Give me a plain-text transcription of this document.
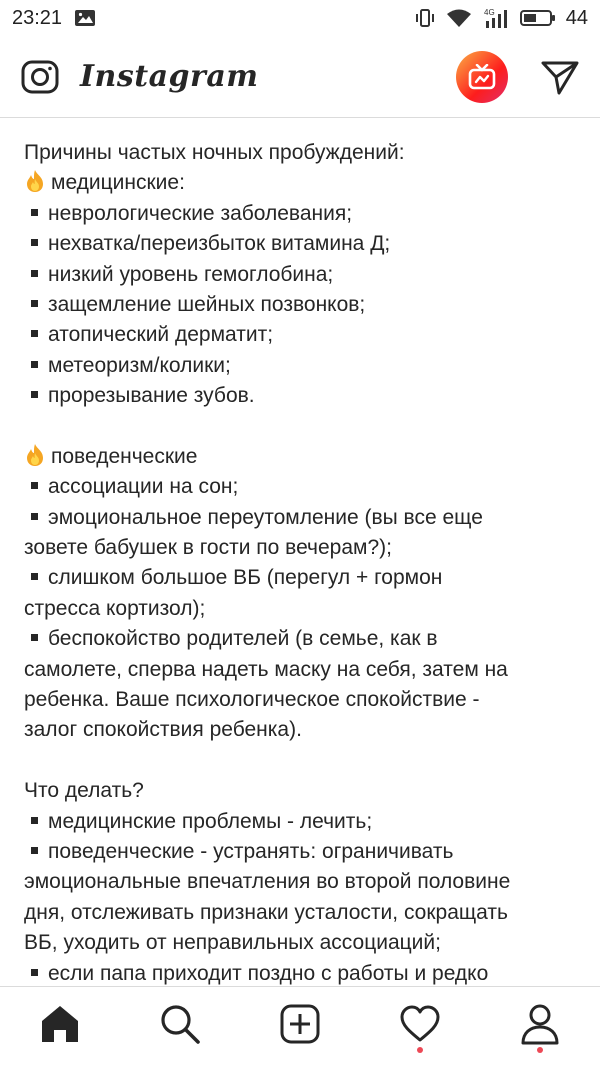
23:21	4G	44
Instagram
Причины частых ночных пробуждений:
медицинские:
неврологические заболевания;
нехватка/переизбыток витамина Д;
низкий уровень гемоглобина;
защемление шейных позвонков;
атопический дерматит;
метеоризм/колики;
прорезывание зубов.
поведенческие
ассоциации на сон;
эмоциональное переутомление (вы все еще
зовете бабушек в гости по вечерам?);
слишком большое ВБ (перегул + гормон
стресса кортизол);
беспокойство родителей (в семье, как в
самолете, сперва надеть маску на себя, затем на
ребенка. Ваше психологическое спокойствие -
залог спокойствия ребенка).
Что делать?
медицинские проблемы - лечить;
поведенческие - устранять: ограничивать
эмоциональные впечатления во второй половине
дня, отслеживать признаки усталости, сокращать
ВБ, уходить от неправильных ассоциаций;
если папа приходит поздно с работы и редко
